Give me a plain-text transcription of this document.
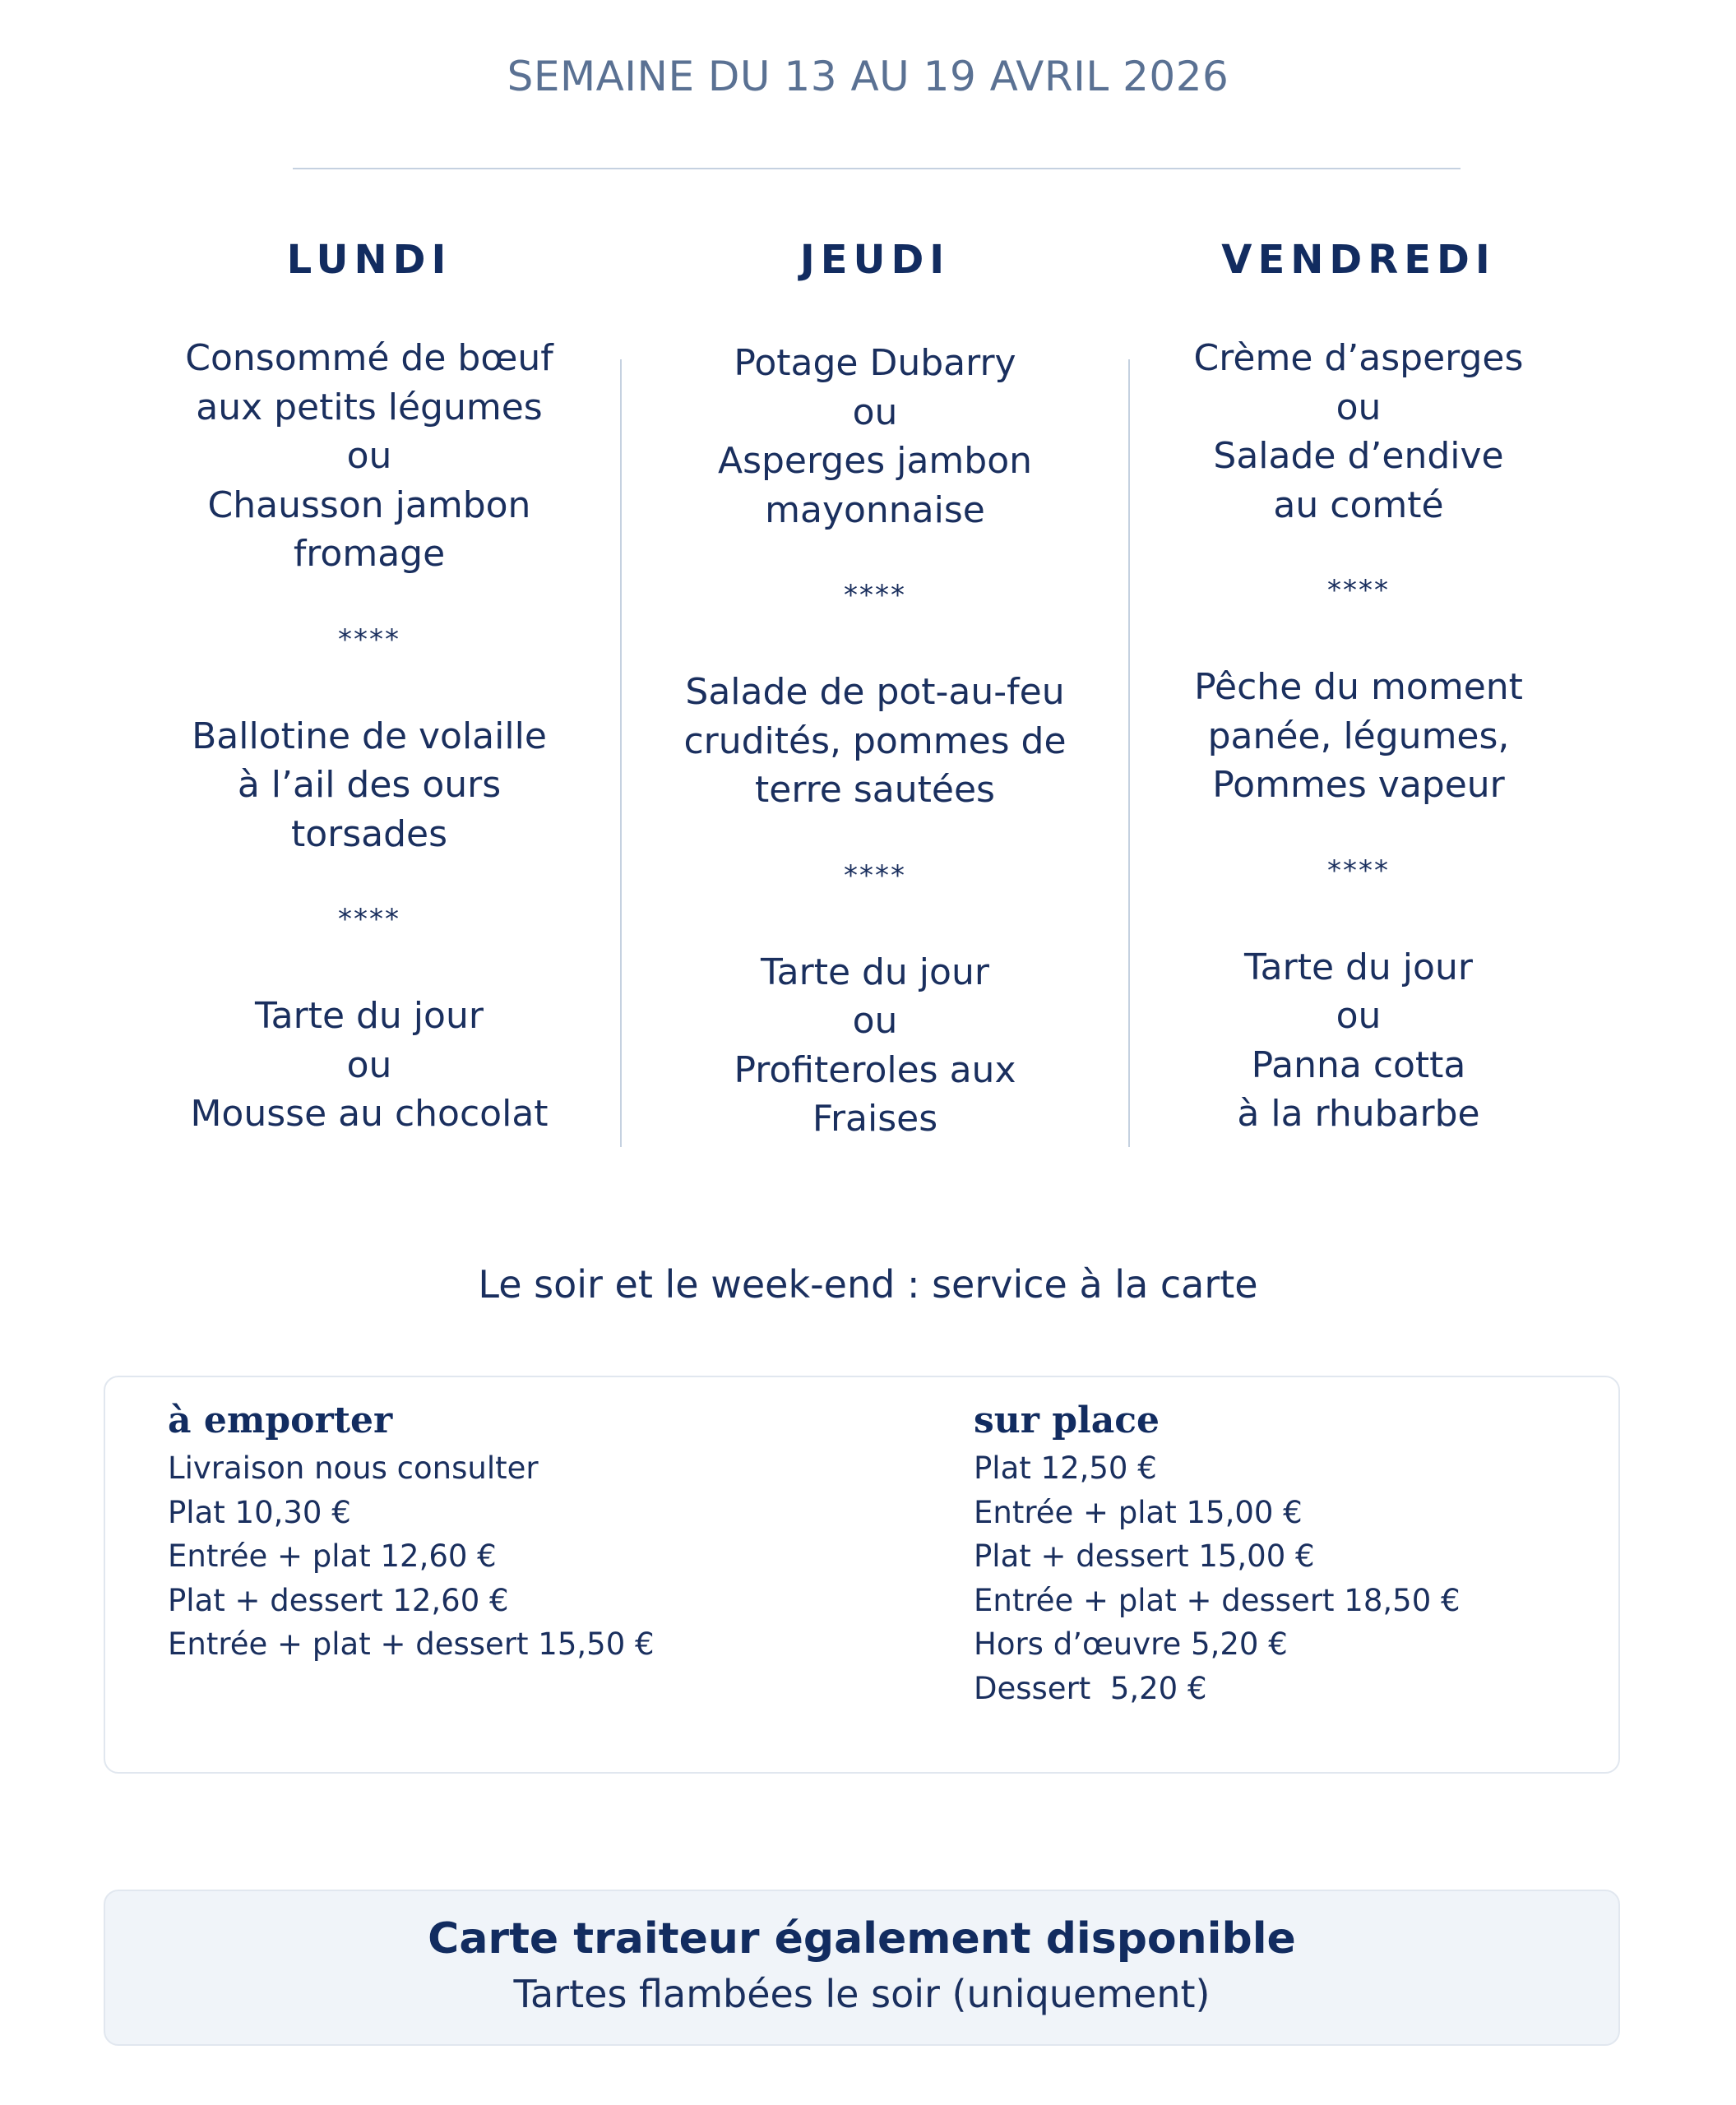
SEMAINE DU 13 AU 19 AVRIL 2026
LUNDI
Consommé de bœuf
aux petits légumes
ou
Chausson jambon
fromage
****
Ballotine de volaille
à l’ail des ours
torsades
****
Tarte du jour
ou
Mousse au chocolat
JEUDI
Potage Dubarry
ou
Asperges jambon
mayonnaise
****
Salade de pot-au-feu
crudités, pommes de
terre sautées
****
Tarte du jour
ou
Profiteroles aux
Fraises
VENDREDI
Crème d’asperges
ou
Salade d’endive
au comté
****
Pêche du moment
panée, légumes,
Pommes vapeur
****
Tarte du jour
ou
Panna cotta
à la rhubarbe
Le soir et le week-end : service à la carte
à emporter
Livraison nous consulter
Plat 10,30 €
Entrée + plat 12,60 €
Plat + dessert 12,60 €
Entrée + plat + dessert 15,50 €
sur place
Plat 12,50 €
Entrée + plat 15,00 €
Plat + dessert 15,00 €
Entrée + plat + dessert 18,50 €
Hors d’œuvre 5,20 €
Dessert  5,20 €
Carte traiteur également disponible
Tartes flambées le soir (uniquement)
